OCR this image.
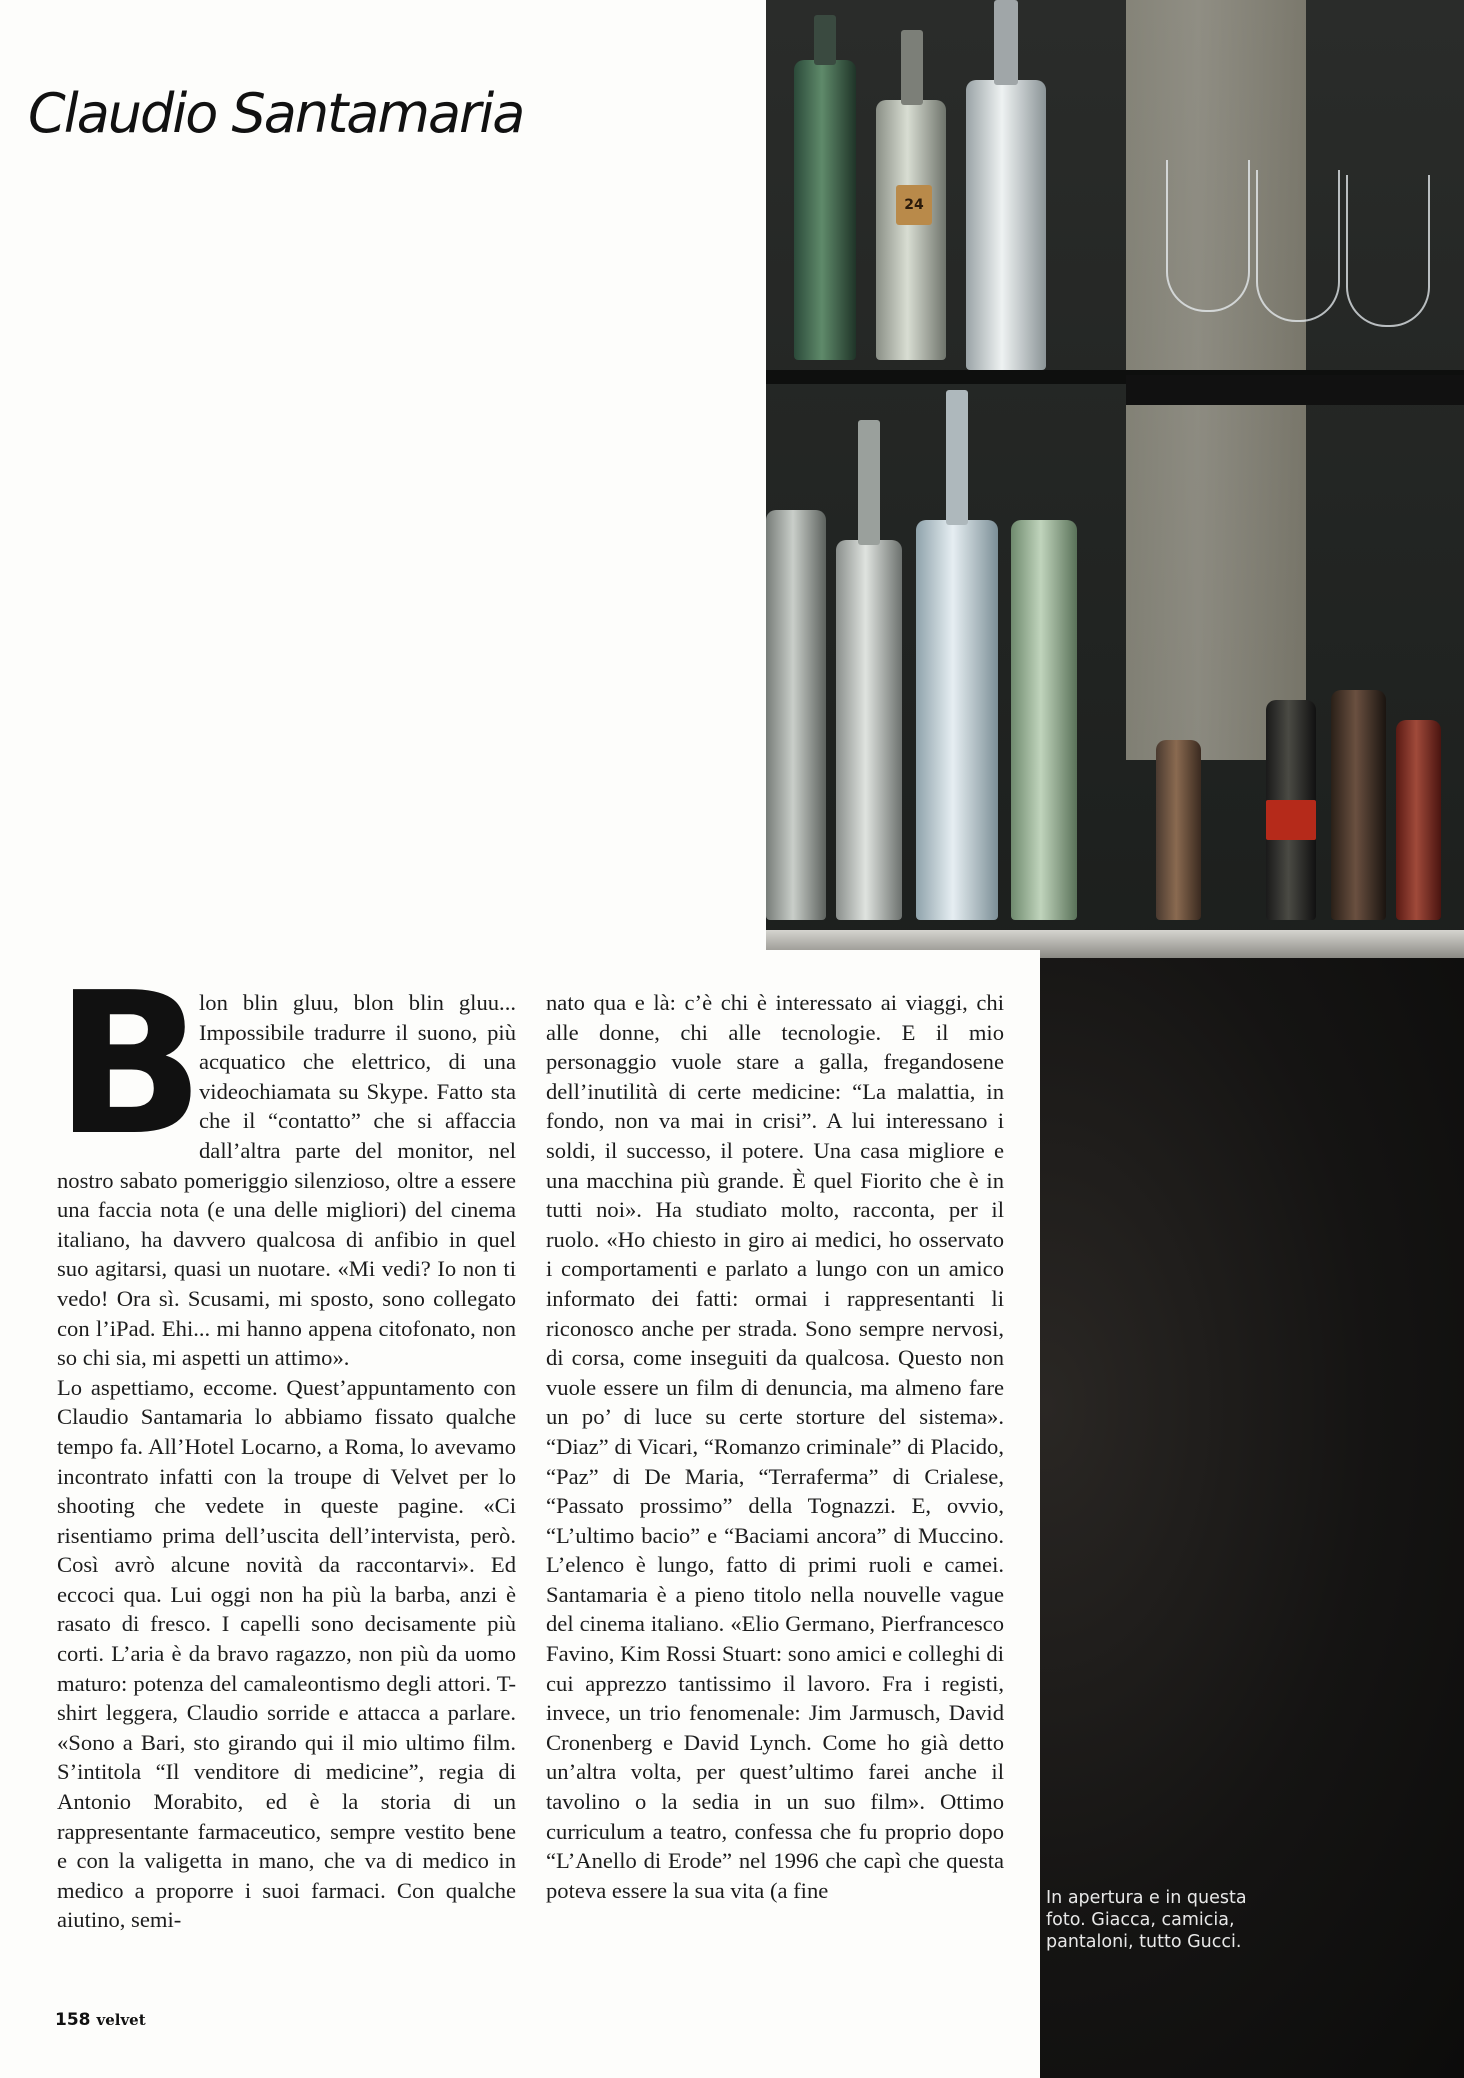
Claudio Santamaria
24

B
lon blin gluu, blon blin gluu... Impossibile tradurre il suono, più acquatico che elettrico, di una videochiamata su Skype. Fatto sta che il “contatto” che si affaccia dall’altra parte del monitor, nel nostro sabato pomeriggio silenzioso, oltre a essere una faccia nota (e una delle migliori) del cinema italiano, ha davvero qualcosa di anfibio in quel suo agitarsi, quasi un nuotare. «Mi vedi? Io non ti vedo! Ora sì. Scusami, mi sposto, sono collegato con l’iPad. Ehi... mi hanno appena citofonato, non so chi sia, mi aspetti un attimo».

Lo aspettiamo, eccome. Quest’appuntamento con Claudio Santamaria lo abbiamo fissato qualche tempo fa. All’Hotel Locarno, a Roma, lo avevamo incontrato infatti con la troupe di Velvet per lo shooting che vedete in queste pagine. «Ci risentiamo prima dell’uscita dell’intervista, però. Così avrò alcune novità da raccontarvi». Ed eccoci qua. Lui oggi non ha più la barba, anzi è rasato di fresco. I capelli sono decisamente più corti. L’aria è da bravo ragazzo, non più da uomo maturo: potenza del camaleontismo degli attori. T-shirt leggera, Claudio sorride e attacca a parlare. «Sono a Bari, sto girando qui il mio ultimo film. S’intitola “Il venditore di medicine”, regia di Antonio Morabito, ed è la storia di un rappresentante farmaceutico, sempre vestito bene e con la valigetta in mano, che va di medico in medico a proporre i suoi farmaci. Con qualche aiutino, semi-

nato qua e là: c’è chi è interessato ai viaggi, chi alle donne, chi alle tecnologie. E il mio personaggio vuole stare a galla, fregandosene dell’inutilità di certe medicine: “La malattia, in fondo, non va mai in crisi”. A lui interessano i soldi, il successo, il potere. Una casa migliore e una macchina più grande. È quel Fiorito che è in tutti noi». Ha studiato molto, racconta, per il ruolo. «Ho chiesto in giro ai medici, ho osservato i comportamenti e parlato a lungo con un amico informato dei fatti: ormai i rappresentanti li riconosco anche per strada. Sono sempre nervosi, di corsa, come inseguiti da qualcosa. Questo non vuole essere un film di denuncia, ma almeno fare un po’ di luce su certe storture del sistema». “Diaz” di Vicari, “Romanzo criminale” di Placido, “Paz” di De Maria, “Terraferma” di Crialese, “Passato prossimo” della Tognazzi. E, ovvio, “L’ultimo bacio” e “Baciami ancora” di Muccino. L’elenco è lungo, fatto di primi ruoli e camei. Santamaria è a pieno titolo nella nouvelle vague del cinema italiano. «Elio Germano, Pierfrancesco Favino, Kim Rossi Stuart: sono amici e colleghi di cui apprezzo tantissimo il lavoro. Fra i registi, invece, un trio fenomenale: Jim Jarmusch, David Cronenberg e David Lynch. Come ho già detto un’altra volta, per quest’ultimo farei anche il tavolino o la sedia in un suo film». Ottimo curriculum a teatro, confessa che fu proprio dopo “L’Anello di Erode” nel 1996 che capì che questa poteva essere la sua vita (a fine	In apertura e in questa foto. Giacca, camicia, pantaloni, tutto Gucci.
158 velvet
